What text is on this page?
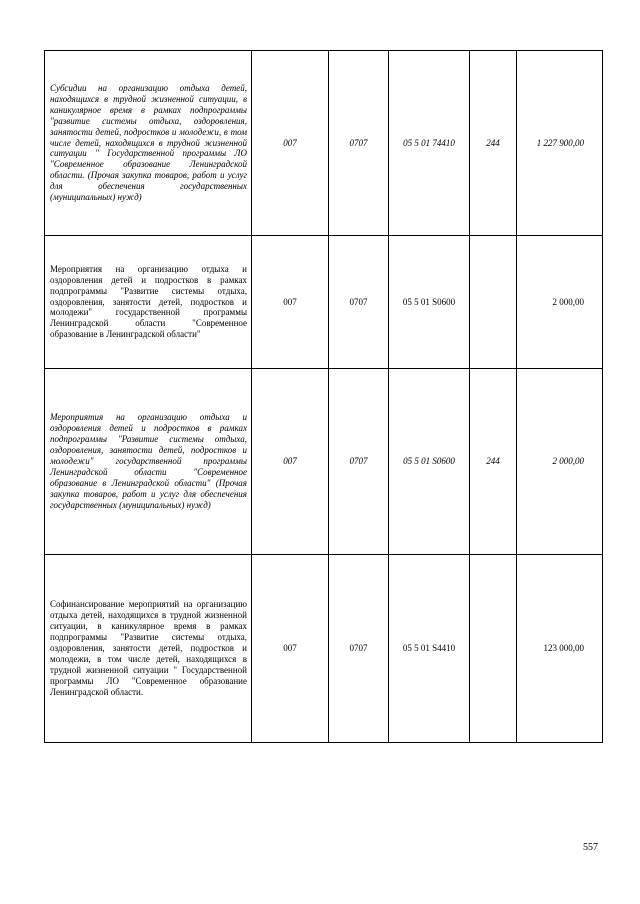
Субсидии на организацию отдыха детей, находящихся в трудной жизненной ситуации, в каникулярное время в рамках подпрограммы "развитие системы отдыха, оздоровления, занятости детей, подростков и молодежи, в том числе детей, находящихся в трудной жизненной ситуации " Государственной программы ЛО "Современное образование Ленинградской области. (Прочая закупка товаров, работ и услуг для обеспечения государственных (муниципальных) нужд)	007	0707	05 5 01 74410	244	1 227 900,00
Мероприятия на организацию отдыха и оздоровления детей и подростков в рамках подпрограммы "Развитие системы отдыха, оздоровления, занятости детей, подростков и молодежи" государственной программы Ленинградской области "Современное образование в Ленинградской области"	007	0707	05 5 01 S0600		2 000,00
Мероприятия на организацию отдыха и оздоровления детей и подростков в рамках подпрограммы "Развитие системы отдыха, оздоровления, занятости детей, подростков и молодежи" государственной программы Ленинградской области "Современное образование в Ленинградской области" (Прочая закупка товаров, работ и услуг для обеспечения государственных (муниципальных) нужд)	007	0707	05 5 01 S0600	244	2 000,00
Софинансирование мероприятий на организацию отдыха детей, находящихся в трудной жизненной ситуации, в каникулярное время в рамках подпрограммы "Развитие системы отдыха, оздоровления, занятости детей, подростков и молодежи, в том числе детей, находящихся в трудной жизненной ситуации " Государственной программы ЛО "Современное образование Ленинградской области.	007	0707	05 5 01 S4410		123 000,00
557
